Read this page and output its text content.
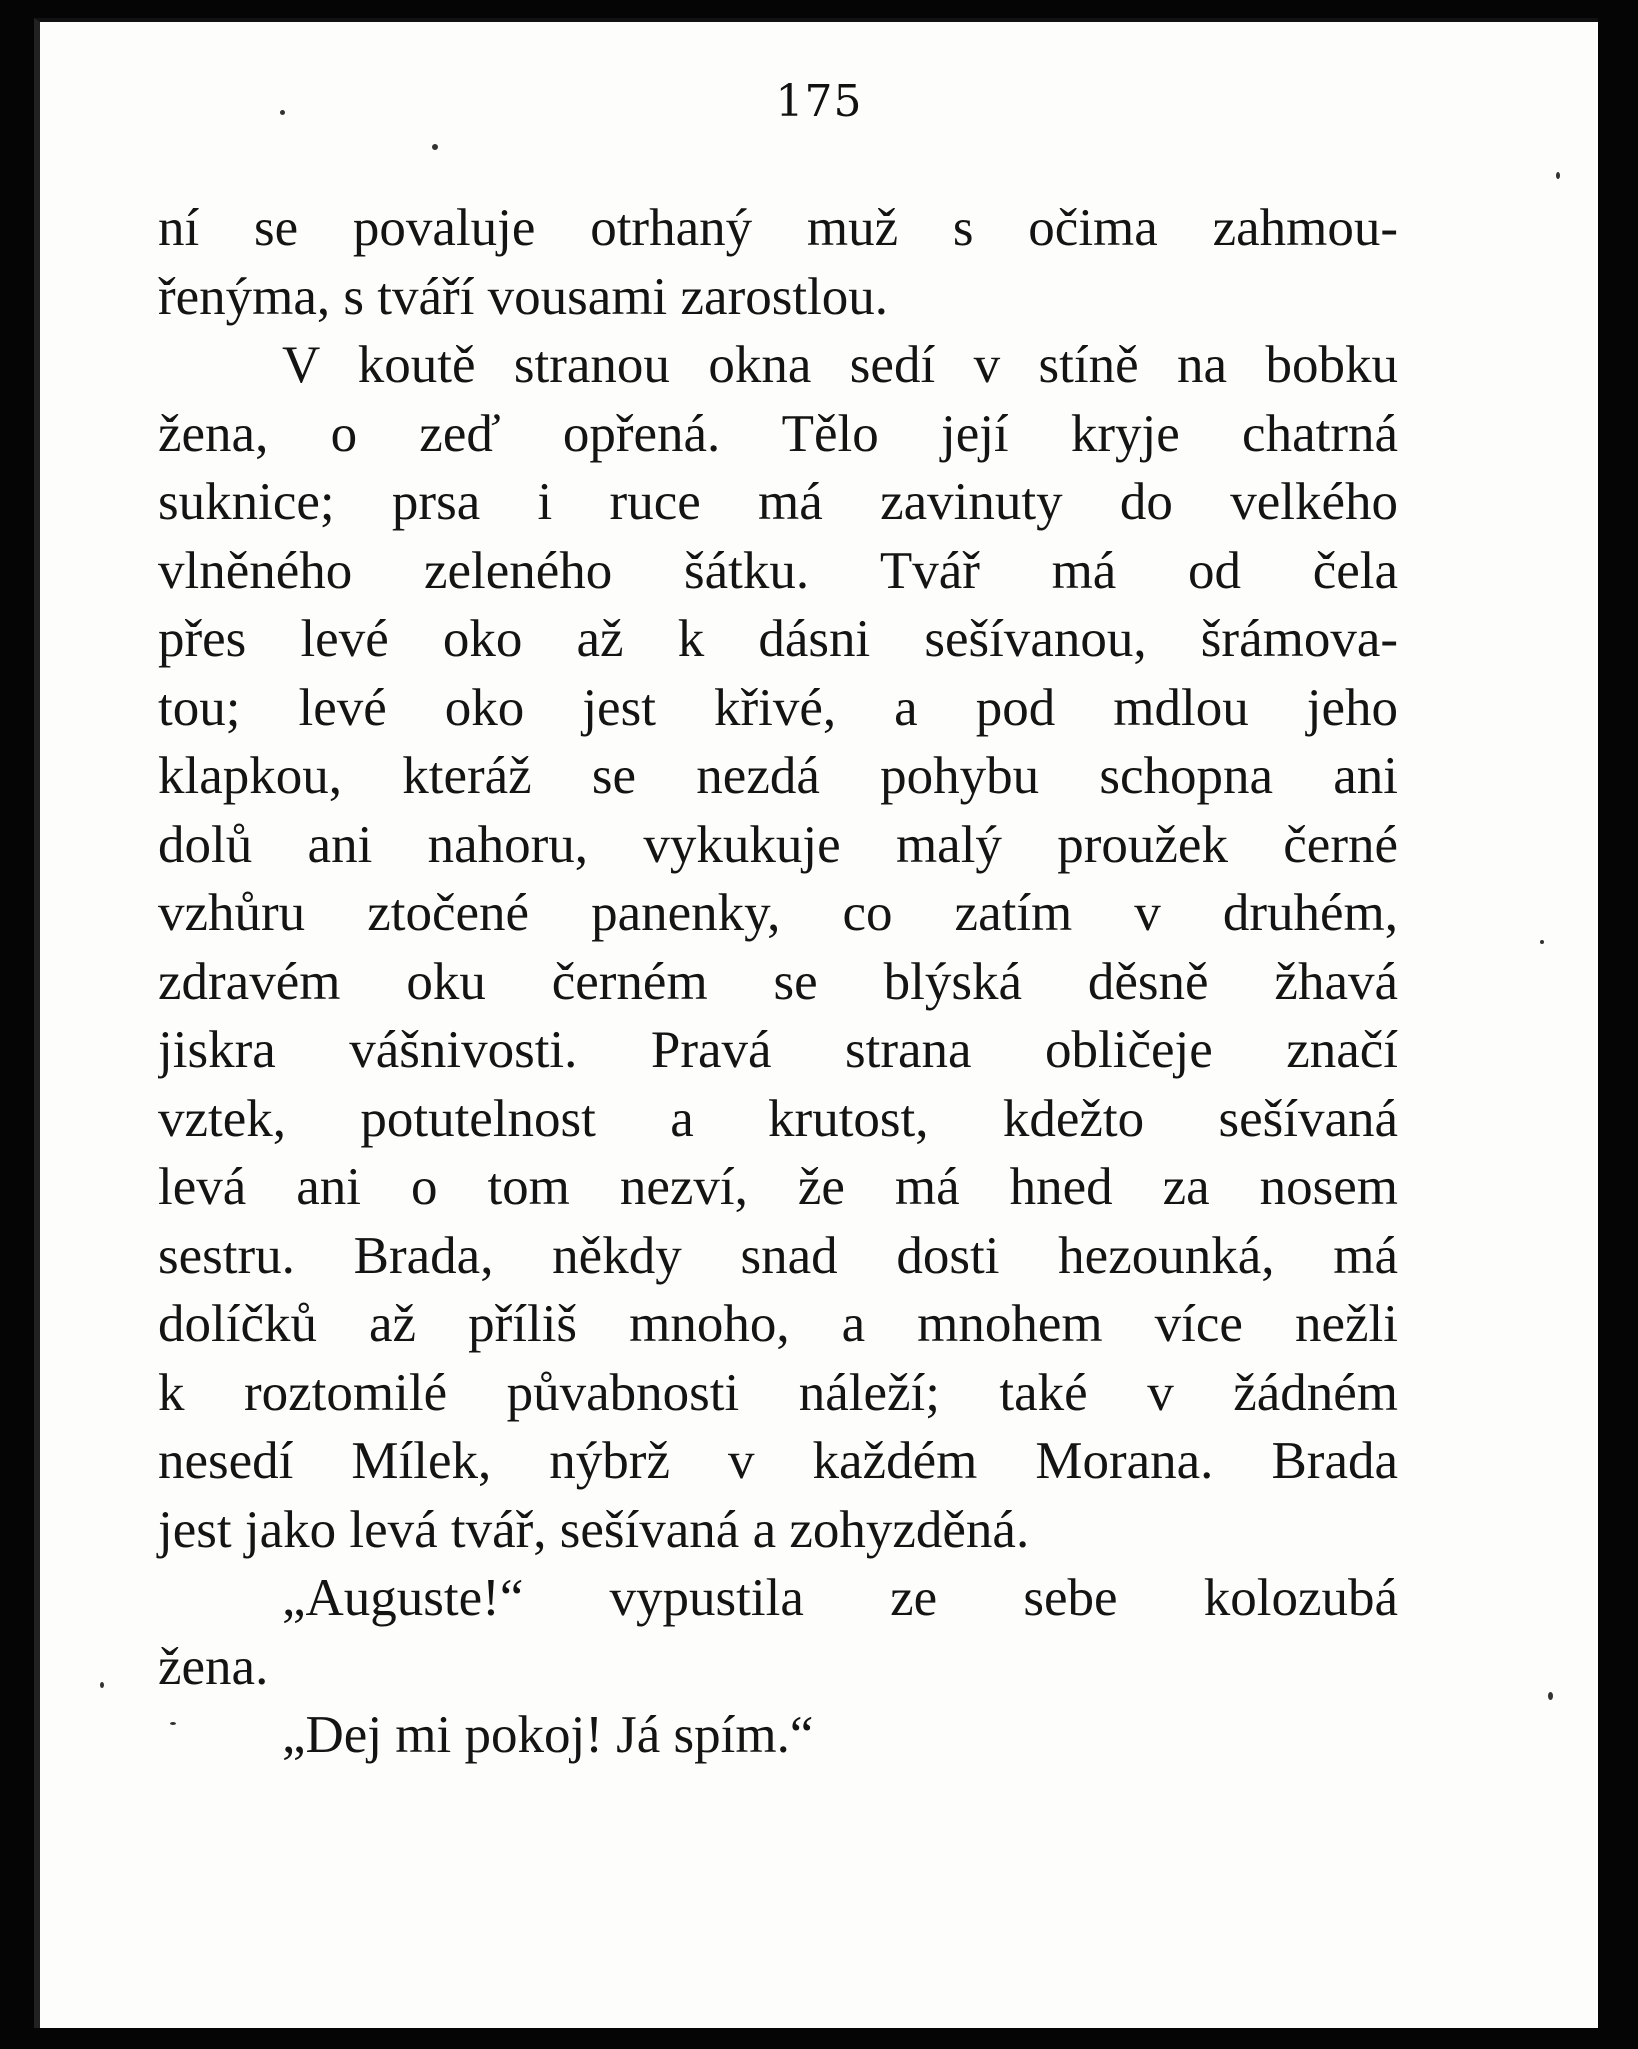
175
ní se povaluje otrhaný muž s očima zahmou-
řenýma, s tváří vousami zarostlou.
V koutě stranou okna sedí v stíně na bobku
žena, o zeď opřená. Tělo její kryje chatrná
suknice; prsa i ruce má zavinuty do velkého
vlněného zeleného šátku. Tvář má od čela
přes levé oko až k dásni sešívanou, šrámova-
tou; levé oko jest křivé, a pod mdlou jeho
klapkou, kteráž se nezdá pohybu schopna ani
dolů ani nahoru, vykukuje malý proužek černé
vzhůru ztočené panenky, co zatím v druhém,
zdravém oku černém se blýská děsně žhavá
jiskra vášnivosti. Pravá strana obličeje značí
vztek, potutelnost a krutost, kdežto sešívaná
levá ani o tom nezví, že má hned za nosem
sestru. Brada, někdy snad dosti hezounká, má
dolíčků až příliš mnoho, a mnohem více nežli
k roztomilé půvabnosti náleží; také v žádném
nesedí Mílek, nýbrž v každém Morana. Brada
jest jako levá tvář, sešívaná a zohyzděná.
„Auguste!“ vypustila ze sebe kolozubá
žena.
„Dej mi pokoj! Já spím.“
